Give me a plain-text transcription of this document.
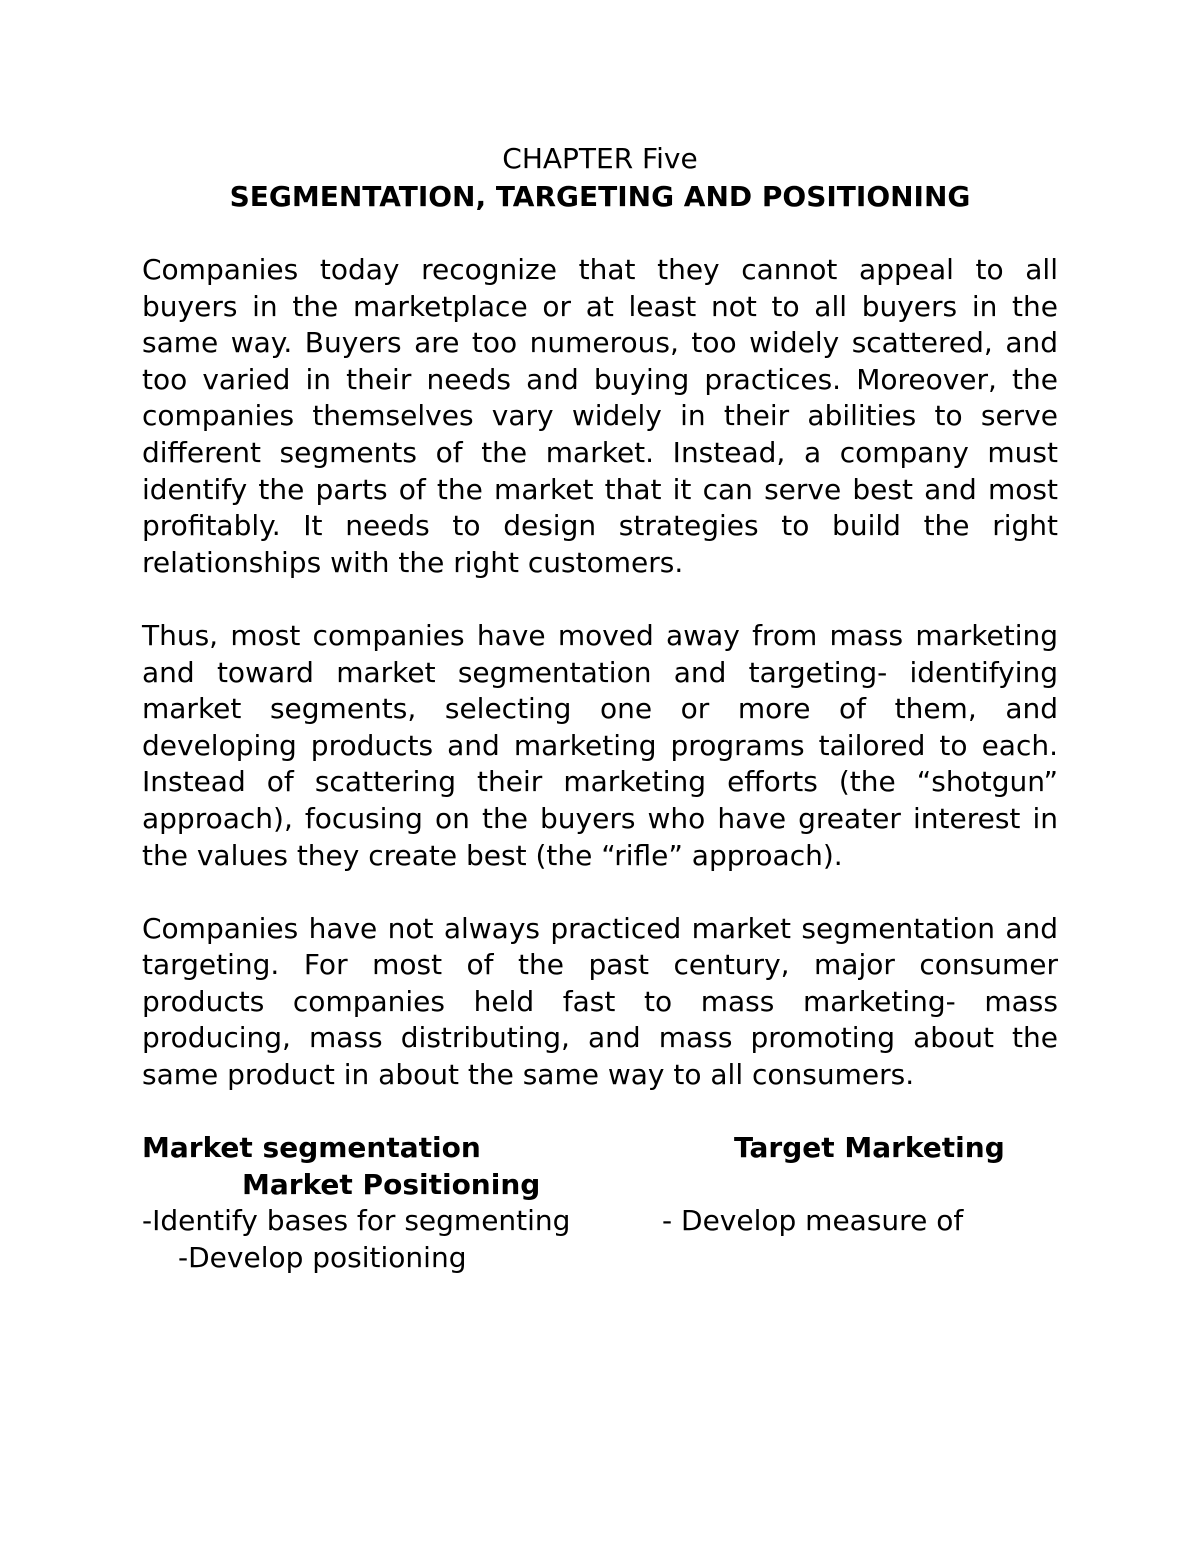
CHAPTER Five

SEGMENTATION, TARGETING AND POSITIONING

Companies today recognize that they cannot appeal to all buyers in the marketplace or at least not to all buyers in the same way. Buyers are too numerous, too widely scattered, and too varied in their needs and buying practices. Moreover, the companies themselves vary widely in their abilities to serve different segments of the market. Instead, a company must identify the parts of the market that it can serve best and most profitably. It needs to design strategies to build the right relationships with the right customers.

Thus, most companies have moved away from mass marketing and toward market segmentation and targeting- identifying market segments, selecting one or more of them, and developing products and marketing programs tailored to each. Instead of scattering their marketing efforts (the “shotgun” approach), focusing on the buyers who have greater interest in the values they create best (the “rifle” approach).

Companies have not always practiced market segmentation and targeting. For most of the past century, major consumer products companies held fast to mass marketing- mass producing, mass distributing, and mass promoting about the same product in about the same way to all consumers.

Market segmentation	Target Marketing
Market Positioning
-Identify bases for segmenting	- Develop measure of
-Develop positioning
